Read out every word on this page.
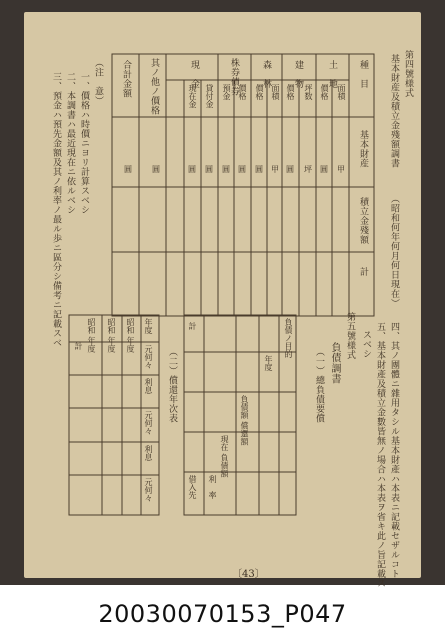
第四號様式
基本財産及積立金殘額調書
（昭和何年何月何日現在）
種　目
基本財産
積立金殘額
計
土　地
建　物
森　林
株券債券
現　金
其ノ他ノ價格
合計金額	面積
價格
坪数
價格
面積
價格
價格
預金
貸付金
現在金
甲
圓
坪
圓
甲
圓
圓
圓
圓
圓
圓
圓
（注　意）
一、價格ハ時價ニヨリ計算スベシ
二、本調書ハ最近現在ニ依ルベシ
三、預金ハ預先金額及其ノ利率ノ最ル歩ニ區分シ備考ニ記載スベ
四、其ノ團體ニ雜用タシル基本財產ハ本表ニ記載セザルコト
五、基本財產及積立金數皆無ノ場合ハ本表ヲ省キ此ノ旨記載ス
スベシ
第五號様式
負債調書
（一）總負債要償
負債ノ目的
年度
負債額 償還額
現在 負債額
利　率
借入先
計
（二）償還年次表
年度
昭和 年度
昭和 年度
昭和 年度
計	元何々
利息
元何々
利息
元何々
〔43〕
20030070153_P047
